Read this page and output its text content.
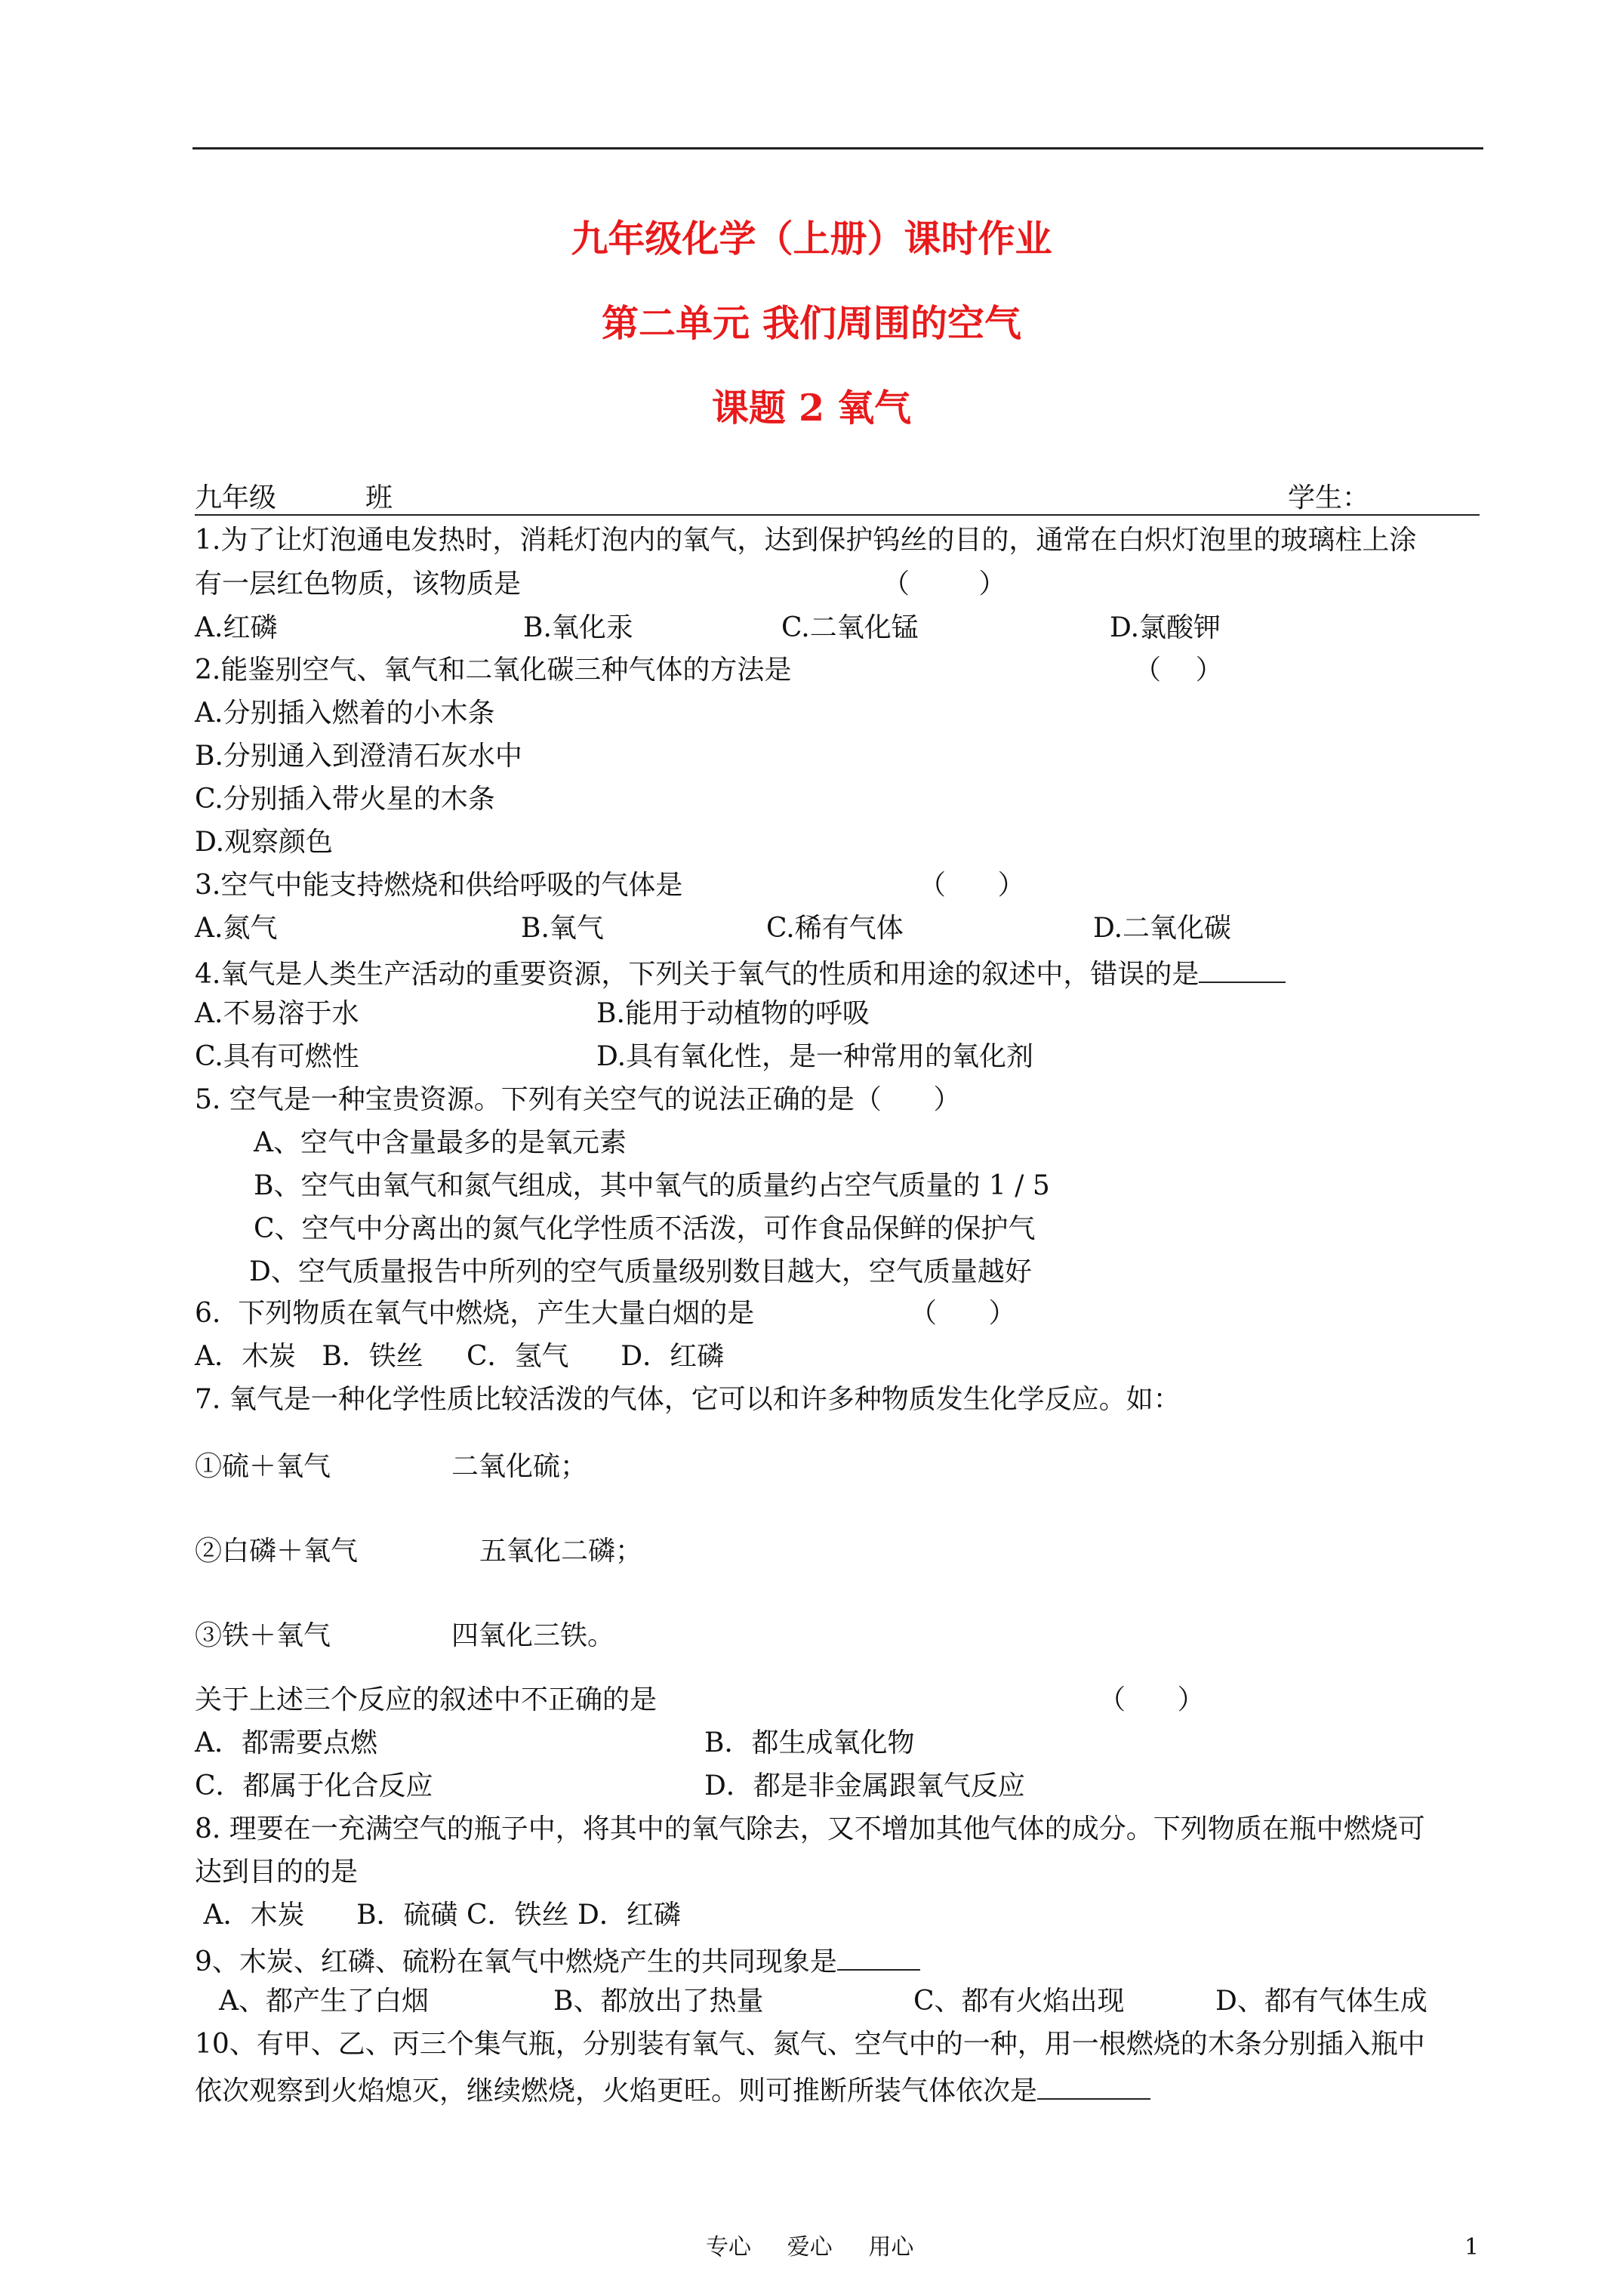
九年级化学（上册）课时作业
第二单元 我们周围的空气
课题 2 氧气
九年级	班	学生：
1.为了让灯泡通电发热时，消耗灯泡内的氧气，达到保护钨丝的目的，通常在白炽灯泡里的玻璃柱上涂
有一层红色物质，该物质是	（        ）
A.红磷	B.氧化汞	C.二氧化锰	D.氯酸钾
2.能鉴别空气、氧气和二氧化碳三种气体的方法是	（    ）
A.分别插入燃着的小木条
B.分别通入到澄清石灰水中
C.分别插入带火星的木条
D.观察颜色
3.空气中能支持燃烧和供给呼吸的气体是	（      ）
A.氮气	B.氧气	C.稀有气体	D.二氧化碳
4.氧气是人类生产活动的重要资源，下列关于氧气的性质和用途的叙述中，错误的是
A.不易溶于水	B.能用于动植物的呼吸
C.具有可燃性	D.具有氧化性，是一种常用的氧化剂
5. 空气是一种宝贵资源。下列有关空气的说法正确的是（      ）
A、空气中含量最多的是氧元素
B、空气由氧气和氮气组成，其中氧气的质量约占空气质量的 1 / 5
C、空气中分离出的氮气化学性质不活泼，可作食品保鲜的保护气
D、空气质量报告中所列的空气质量级别数目越大，空气质量越好
6.  下列物质在氧气中燃烧，产生大量白烟的是	（      ）
A．木炭   B．铁丝     C．氢气      D．红磷
7. 氧气是一种化学性质比较活泼的气体，它可以和许多种物质发生化学反应。如：
①硫＋氧气	二氧化硫；
②白磷＋氧气	五氧化二磷；
③铁＋氧气	四氧化三铁。
关于上述三个反应的叙述中不正确的是	（      ）
A．都需要点燃	B．都生成氧化物
C．都属于化合反应	D．都是非金属跟氧气反应
8. 理要在一充满空气的瓶子中，将其中的氧气除去，又不增加其他气体的成分。下列物质在瓶中燃烧可
达到目的的是
A．木炭      B．硫磺 C．铁丝 D．红磷
9、木炭、红磷、硫粉在氧气中燃烧产生的共同现象是
A、都产生了白烟	B、都放出了热量	C、都有火焰出现	D、都有气体生成
10、有甲、乙、丙三个集气瓶，分别装有氧气、氮气、空气中的一种，用一根燃烧的木条分别插入瓶中
依次观察到火焰熄灭，继续燃烧，火焰更旺。则可推断所装气体依次是
专心     爱心     用心	1
